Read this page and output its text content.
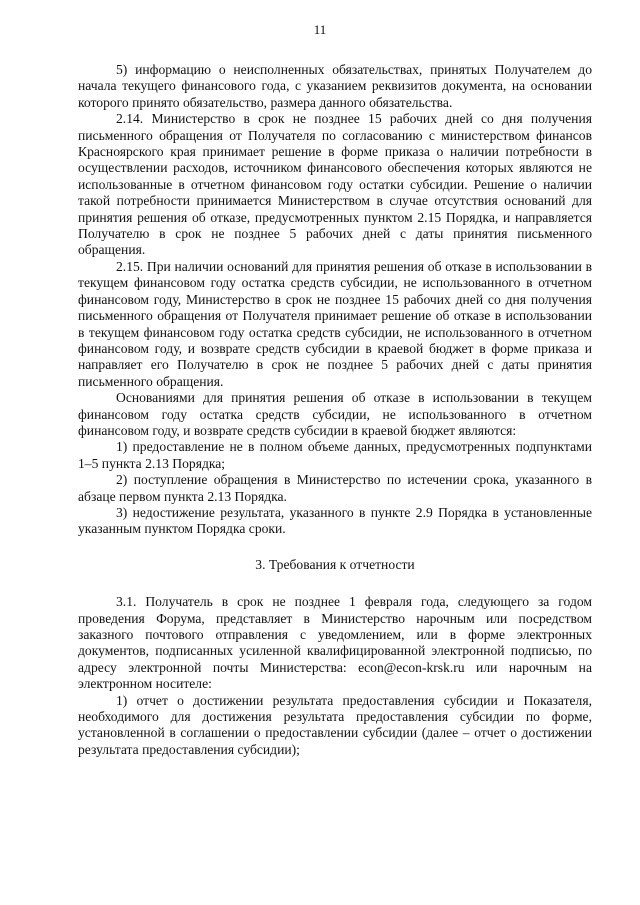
11

5) информацию о неисполненных обязательствах, принятых Получателем до начала текущего финансового года, с указанием реквизитов документа, на основании которого принято обязательство, размера данного обязательства.

2.14. Министерство в срок не позднее 15 рабочих дней со дня получения письменного обращения от Получателя по согласованию с министерством финансов Красноярского края принимает решение в форме приказа о наличии потребности в осуществлении расходов, источником финансового обеспечения которых являются не использованные в отчетном финансовом году остатки субсидии. Решение о наличии такой потребности принимается Министерством в случае отсутствия оснований для принятия решения об отказе, предусмотренных пунктом 2.15 Порядка, и направляется Получателю в срок не позднее 5 рабочих дней с даты принятия письменного обращения.

2.15. При наличии оснований для принятия решения об отказе в использовании в текущем финансовом году остатка средств субсидии, не использованного в отчетном финансовом году, Министерство в срок не позднее 15 рабочих дней со дня получения письменного обращения от Получателя принимает решение об отказе в использовании в текущем финансовом году остатка средств субсидии, не использованного в отчетном финансовом году, и возврате средств субсидии в краевой бюджет в форме приказа и направляет его Получателю в срок не позднее 5 рабочих дней с даты принятия письменного обращения.

Основаниями для принятия решения об отказе в использовании в текущем финансовом году остатка средств субсидии, не использованного в отчетном финансовом году, и возврате средств субсидии в краевой бюджет являются:

1) предоставление не в полном объеме данных, предусмотренных подпунктами 1–5 пункта 2.13 Порядка;

2) поступление обращения в Министерство по истечении срока, указанного в абзаце первом пункта 2.13 Порядка.

3) недостижение результата, указанного в пункте 2.9 Порядка в установленные указанным пунктом Порядка сроки.

3. Требования к отчетности

3.1. Получатель в срок не позднее 1 февраля года, следующего за годом проведения Форума, представляет в Министерство нарочным или посредством заказного почтового отправления с уведомлением, или в форме электронных документов, подписанных усиленной квалифицированной электронной подписью, по адресу электронной почты Министерства: econ@econ-krsk.ru или нарочным на электронном носителе:

1) отчет о достижении результата предоставления субсидии и Показателя, необходимого для достижения результата предоставления субсидии по форме, установленной в соглашении о предоставлении субсидии (далее – отчет о достижении результата предоставления субсидии);
